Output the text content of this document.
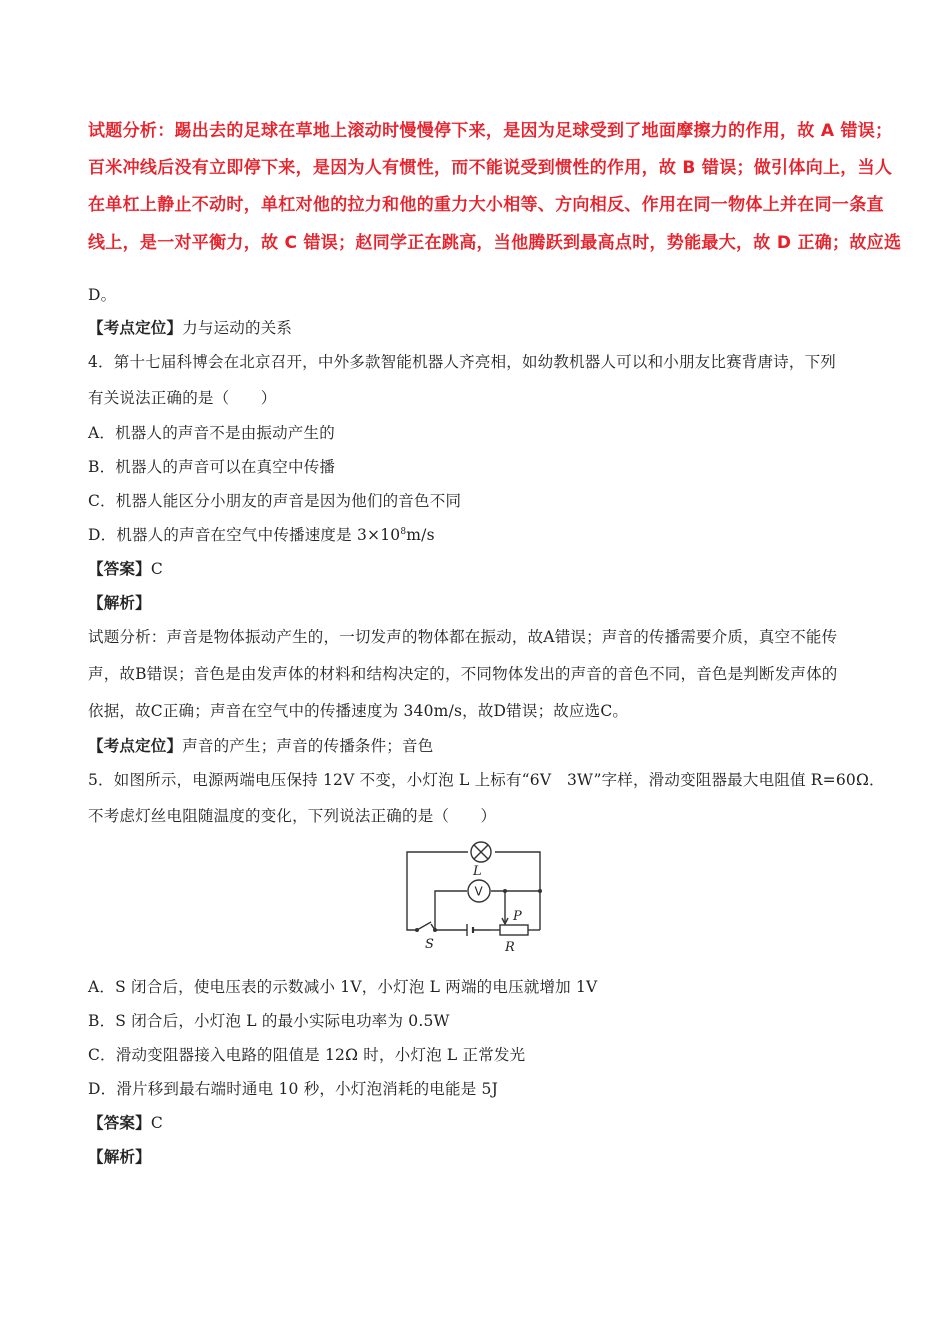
试题分析：踢出去的足球在草地上滚动时慢慢停下来，是因为足球受到了地面摩擦力的作用，故 A 错误；
百米冲线后没有立即停下来，是因为人有惯性，而不能说受到惯性的作用，故 B 错误；做引体向上，当人
在单杠上静止不动时，单杠对他的拉力和他的重力大小相等、方向相反、作用在同一物体上并在同一条直
线上，是一对平衡力，故 C 错误；赵同学正在跳高，当他腾跃到最高点时，势能最大，故 D 正确；故应选
D。
【考点定位】力与运动的关系
4．第十七届科博会在北京召开，中外多款智能机器人齐亮相，如幼教机器人可以和小朋友比赛背唐诗，下列
有关说法正确的是（　　）
A．机器人的声音不是由振动产生的
B．机器人的声音可以在真空中传播
C．机器人能区分小朋友的声音是因为他们的音色不同
D．机器人的声音在空气中传播速度是 $3\times 10^8m/s$
【答案】C
【解析】
试题分析：声音是物体振动产生的，一切发声的物体都在振动，故A错误；声音的传播需要介质，真空不能传
声，故B错误；音色是由发声体的材料和结构决定的，不同物体发出的声音的音色不同，音色是判断发声体的
依据，故C正确；声音在空气中的传播速度为 340m/s，故D错误；故应选C。
【考点定位】声音的产生；声音的传播条件；音色
5．如图所示，电源两端电压保持 12V 不变，小灯泡 L 上标有“6V　3W”字样，滑动变阻器最大电阻值 R=60Ω．
不考虑灯丝电阻随温度的变化，下列说法正确的是（　　）
L
P
S	R
V
A．S 闭合后，使电压表的示数减小 1V，小灯泡 L 两端的电压就增加 1V
B．S 闭合后，小灯泡 L 的最小实际电功率为 0.5W
C．滑动变阻器接入电路的阻值是 12Ω 时，小灯泡 L 正常发光
D．滑片移到最右端时通电 10 秒，小灯泡消耗的电能是 5J
【答案】C
【解析】
